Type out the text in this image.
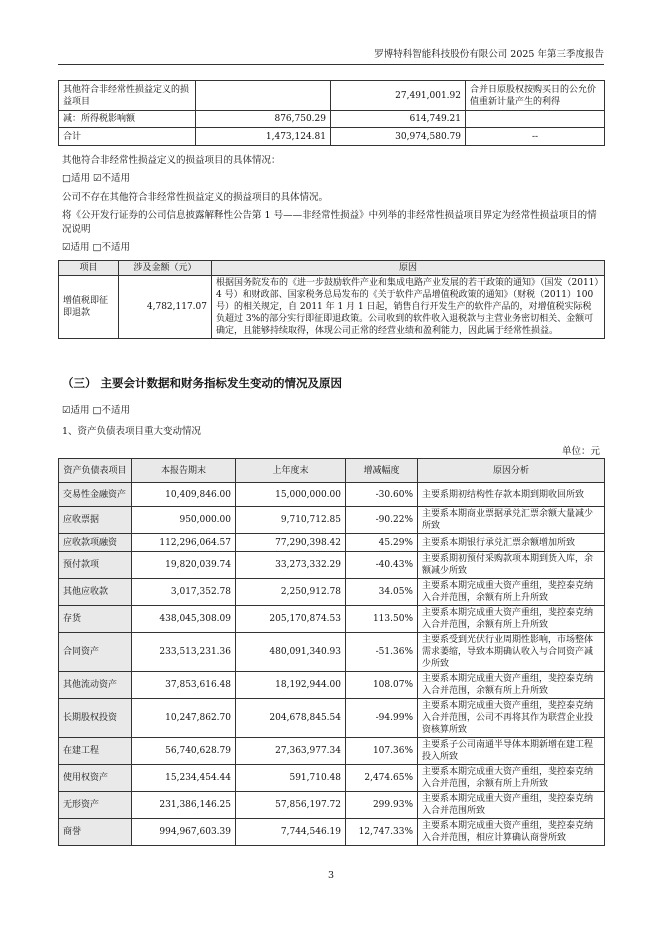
罗博特科智能科技股份有限公司 2025 年第三季度报告
其他符合非经常性损益定义的损益项目		27,491,001.92	合并日原股权按购买日的公允价值重新计量产生的利得
减：所得税影响额	876,750.29	614,749.21	
合计	1,473,124.81	30,974,580.79	--
其他符合非经常性损益定义的损益项目的具体情况：
□适用 ☑不适用
公司不存在其他符合非经常性损益定义的损益项目的具体情况。
将《公开发行证券的公司信息披露解释性公告第 1 号——非经常性损益》中列举的非经常性损益项目界定为经常性损益项目的情况说明
☑适用 □不适用
项目	涉及金额（元）	原因
增值税即征即退款	4,782,117.07	根据国务院发布的《进一步鼓励软件产业和集成电路产业发展的若干政策的通知》（国发（2011）4 号）和财政部、国家税务总局发布的《关于软件产品增值税政策的通知》（财税（2011）100 号）的相关规定，自 2011 年 1 月 1 日起，销售自行开发生产的软件产品的，对增值税实际税负超过 3%的部分实行即征即退政策。公司收到的软件收入退税款与主营业务密切相关、金额可确定，且能够持续取得，体现公司正常的经营业绩和盈利能力，因此属于经常性损益。
（三） 主要会计数据和财务指标发生变动的情况及原因
☑适用 □不适用
1、资产负债表项目重大变动情况
单位：元
资产负债表项目	本报告期末	上年度末	增减幅度	原因分析
交易性金融资产	10,409,846.00	15,000,000.00	-30.60%	主要系期初结构性存款本期到期收回所致
应收票据	950,000.00	9,710,712.85	-90.22%	主要系本期商业票据承兑汇票余额大量减少所致
应收款项融资	112,296,064.57	77,290,398.42	45.29%	主要系本期银行承兑汇票余额增加所致
预付款项	19,820,039.74	33,273,332.29	-40.43%	主要系期初预付采购款项本期到货入库，余额减少所致
其他应收款	3,017,352.78	2,250,912.78	34.05%	主要系本期完成重大资产重组，斐控泰克纳入合并范围，余额有所上升所致
存货	438,045,308.09	205,170,874.53	113.50%	主要系本期完成重大资产重组，斐控泰克纳入合并范围，余额有所上升所致
合同资产	233,513,231.36	480,091,340.93	-51.36%	主要系受到光伏行业周期性影响，市场整体需求萎缩，导致本期确认收入与合同资产减少所致
其他流动资产	37,853,616.48	18,192,944.00	108.07%	主要系本期完成重大资产重组，斐控泰克纳入合并范围，余额有所上升所致
长期股权投资	10,247,862.70	204,678,845.54	-94.99%	主要系本期完成重大资产重组，斐控泰克纳入合并范围，公司不再将其作为联营企业投资核算所致
在建工程	56,740,628.79	27,363,977.34	107.36%	主要系子公司南通半导体本期新增在建工程投入所致
使用权资产	15,234,454.44	591,710.48	2,474.65%	主要系本期完成重大资产重组，斐控泰克纳入合并范围，余额有所上升所致
无形资产	231,386,146.25	57,856,197.72	299.93%	主要系本期完成重大资产重组，斐控泰克纳入合并范围所致
商誉	994,967,603.39	7,744,546.19	12,747.33%	主要系本期完成重大资产重组，斐控泰克纳入合并范围，相应计算确认商誉所致
3
